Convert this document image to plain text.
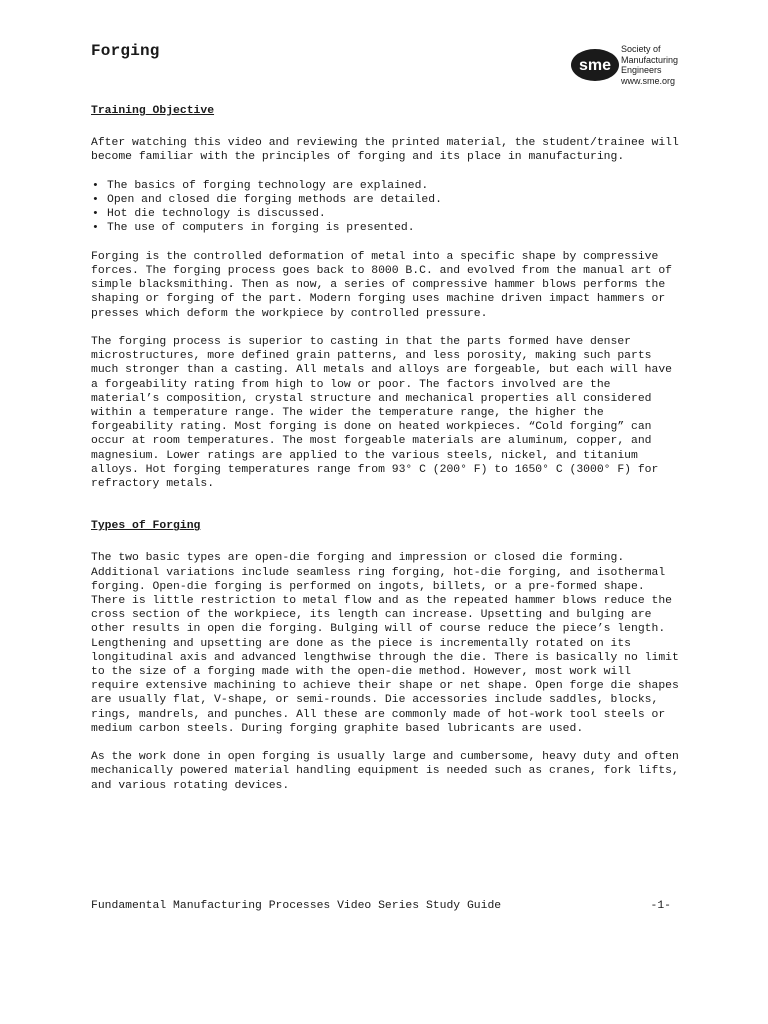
Forging
sme
Society of
Manufacturing
Engineers
www.sme.org
Training Objective

After watching this video and reviewing the printed material, the student/trainee will become familiar with the principles of forging and its place in manufacturing.

• The basics of forging technology are explained.
• Open and closed die forging methods are detailed.
• Hot die technology is discussed.
• The use of computers in forging is presented.

Forging is the controlled deformation of metal into a specific shape by compressive forces. The forging process goes back to 8000 B.C. and evolved from the manual art of simple blacksmithing. Then as now, a series of compressive hammer blows performs the shaping or forging of the part. Modern forging uses machine driven impact hammers or presses which deform the workpiece by controlled pressure.

The forging process is superior to casting in that the parts formed have denser microstructures, more defined grain patterns, and less porosity, making such parts much stronger than a casting. All metals and alloys are forgeable, but each will have a forgeability rating from high to low or poor. The factors involved are the material’s composition, crystal structure and mechanical properties all considered within a temperature range. The wider the temperature range, the higher the forgeability rating. Most forging is done on heated workpieces. “Cold forging” can occur at room temperatures. The most forgeable materials are aluminum, copper, and magnesium. Lower ratings are applied to the various steels, nickel, and titanium alloys. Hot forging temperatures range from 93° C (200° F) to 1650° C (3000° F) for refractory metals.

Types of Forging

The two basic types are open-die forging and impression or closed die forming. Additional variations include seamless ring forging, hot-die forging, and isothermal forging. Open-die forging is performed on ingots, billets, or a pre-formed shape. There is little restriction to metal flow and as the repeated hammer blows reduce the cross section of the workpiece, its length can increase. Upsetting and bulging are other results in open die forging. Bulging will of course reduce the piece’s length. Lengthening and upsetting are done as the piece is incrementally rotated on its longitudinal axis and advanced lengthwise through the die. There is basically no limit to the size of a forging made with the open-die method. However, most work will require extensive machining to achieve their shape or net shape. Open forge die shapes are usually flat, V-shape, or semi-rounds. Die accessories include saddles, blocks, rings, mandrels, and punches. All these are commonly made of hot-work tool steels or medium carbon steels. During forging graphite based lubricants are used.

As the work done in open forging is usually large and cumbersome, heavy duty and often mechanically powered material handling equipment is needed such as cranes, fork lifts, and various rotating devices.

Fundamental Manufacturing Processes Video Series Study Guide	-1-
